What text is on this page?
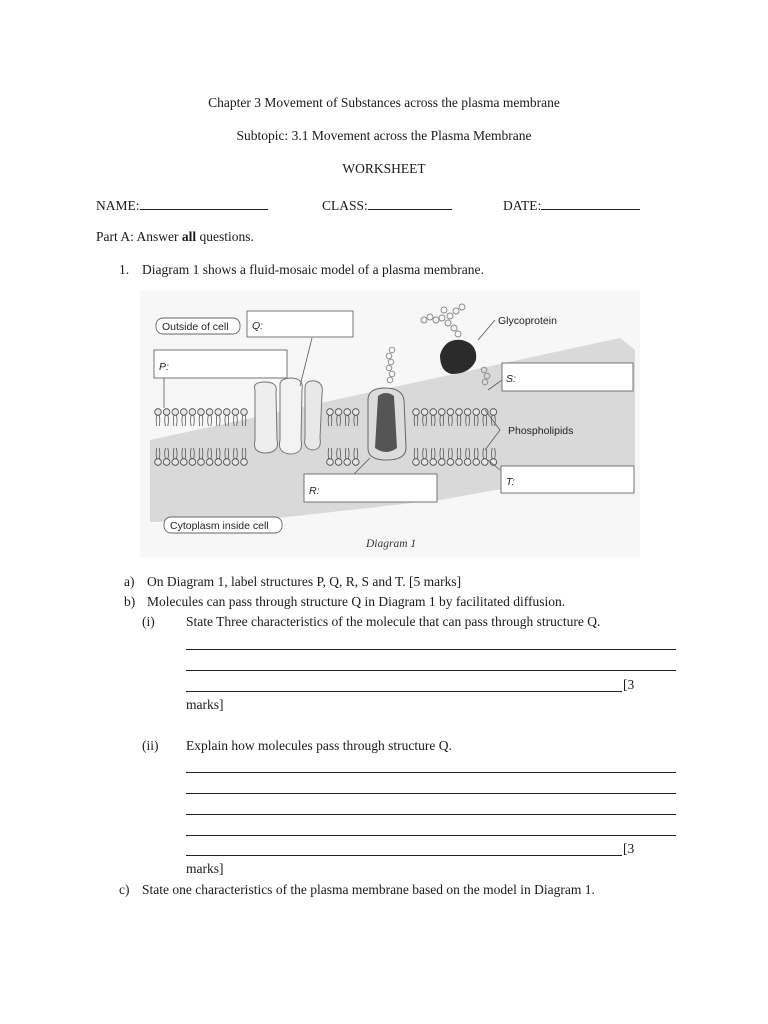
Chapter 3 Movement of Substances across the plasma membrane
Subtopic: 3.1 Movement across the Plasma Membrane
WORKSHEET
NAME:	CLASS:	DATE:
Part A: Answer all questions.
1. Diagram 1 shows a fluid-mosaic model of a plasma membrane.
Outside of cell Q:
P:
S:
T:
R:
Cytoplasm inside cell
Glycoprotein
Phospholipids
Diagram 1
a) On Diagram 1, label structures P, Q, R, S and T. [5 marks]
b) Molecules can pass through structure Q in Diagram 1 by facilitated diffusion.
(i) State Three characteristics of the molecule that can pass through structure Q.
[3
marks]
(ii) Explain how molecules pass through structure Q.
[3
marks]
c) State one characteristics of the plasma membrane based on the model in Diagram 1.
